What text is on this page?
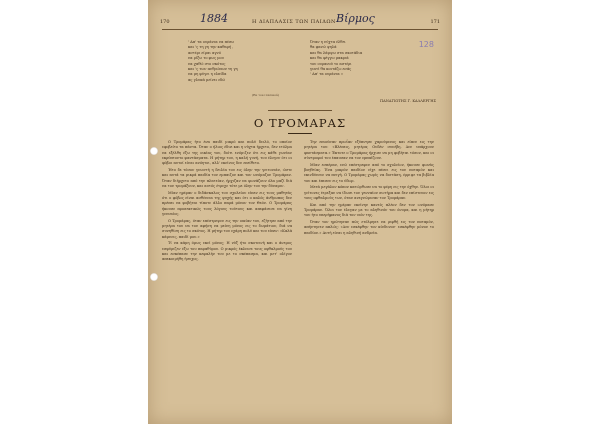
170	1884	Η ΔΙΑΠΛΑΣΙΣ ΤΩΝ ΠΑΙΔΩΝ Βίρμος	171
' Απ' τα ουράνια να πέσω
και 'ς τη γη την καθαρή ,
αστέρι είμαι αγνό
να ρίξω το φως μου
να χαθώ στο σκότος
και 'ς των ανθρώπων τη γη
να μη φύγει η ελπίδα
ας γλυκά μείνει εδώ
Όταν η νύχτα έλθει
θα φανώ ψηλά
και θα λάμψω στα σκοτάδια
και θα φέγγω μακριά
του ουρανού το αστέρι
γιατί θα κοιτάζω εσάς
' Απ' τα ουράνια »
128
(Εκ του ιταλικού)
ΠΑΝΑΓΙΩΤΗΣ Γ. ΚΑΛΛΕΡΓΗΣ
Ο ΤΡΟΜΑΡΑΣ

Ο Τρομάρας ήτο ένα παιδί μικρό και πολύ δειλό, το οποίον εφοβείτο τα πάντα. Όταν ο ήλιος έδυε και η νύχτα ήρχετο, δεν ετόλμα να εξέλθη έξω της οικίας του, διότι ενόμιζεν ότι εις κάθε γωνίαν εκρύπτοντο φαντάσματα. Η μήτηρ του, η καλή γυνή, του έλεγεν ότι οι φόβοι αυτοί είναι ανόητοι, αλλ' εκείνος δεν επείθετο.

Ήτο δε τόσον γνωστή η δειλία του εις όλην την γειτονιάν, ώστε και αυτά τα μικρά παιδία τον εμπαιζον και τον ωνόμαζον Τρομάραν. Όταν διήρχετο από την πλατείαν, ήρχιζαν να φωνάζουν όλα μαζί διά να τον τρομάξουν, και αυτός έτρεχε τότε με όλην του την δύναμιν.

Μίαν ημέραν ο διδάσκαλος του σχολείου είπεν εις τους μαθητάς ότι ο φόβος είναι ασθένεια της ψυχής και ότι ο καλός άνθρωπος δεν πρέπει να φοβήται τίποτε άλλο παρά μόνον τον Θεόν. Ο Τρομάρας ήκουσε προσεκτικώς τους λόγους τούτους και απεφάσισε να γίνη γενναίος.

Ο Τρομάρας, όταν επέστρεψεν εις την οικίαν του, εζήτησε από την μητέρα του να τον αφήση να μείνη μόνος εις το δωμάτιον, διά να συνηθίση εις το σκότος. Η μήτηρ του εχάρη πολύ και του είπεν: «Καλά κάμνεις, παιδί μου.»

Τί να κάμη όμως εκεί μόνος; Η νύξ ήτο σκοτεινή και ο άνεμος εσφύριζεν έξω του παραθύρου. Ο μικρός έκλεισε τους οφθαλμούς του και εσκέπασε την κεφαλήν του με το σκέπασμα, και μετ' ολίγον απεκοιμήθη ήσυχος.

Την επιούσαν πρωΐαν εξύπνησε χαρούμενος και είπεν εις την μητέρα του: «Βλέπεις, μητέρα; Ουδέν συνέβη. Δεν υπάρχουν φαντάσματα.» Έκτοτε ο Τρομάρας ήρχισε να μη φοβήται τόσον, και οι σύντροφοί του έπαυσαν να τον εμπαίζουν.

Μίαν εσπέραν, ενώ επέστρεφεν από το σχολείον, ήκουσε φωνάς βοηθείας. Ένα μικρόν παιδίον είχε πέσει εις τον ποταμόν και εκινδύνευε να πνιγή. Ο Τρομάρας χωρίς να διστάση, έρριψε τα βιβλία του και έπεσεν εις το ύδωρ.

Μετά μεγάλον κόπον κατώρθωσε να το φέρη εις την όχθην. Όλοι οι γείτονες έτρεξαν να ίδωσι τον γενναίον σωτήρα και δεν επίστευον εις τους οφθαλμούς των, όταν ανεγνώρισαν τον Τρομάραν.

Και από την ημέραν εκείνην κανείς πλέον δεν τον ωνόμασε Τρομάραν. Όλοι τον έλεγαν με το αληθινόν του όνομα, και η μήτηρ του ήτο υπερήφανος διά τον υιόν της.

Όταν τον ηρώτησαν πώς ετόλμησε να ριφθή εις τον ποταμόν, απήντησεν απλώς: «Δεν εσκέφθην τον κίνδυνον· εσκέφθην μόνον το παιδίον.» Αυτή είναι η αληθινή ανδρεία.
